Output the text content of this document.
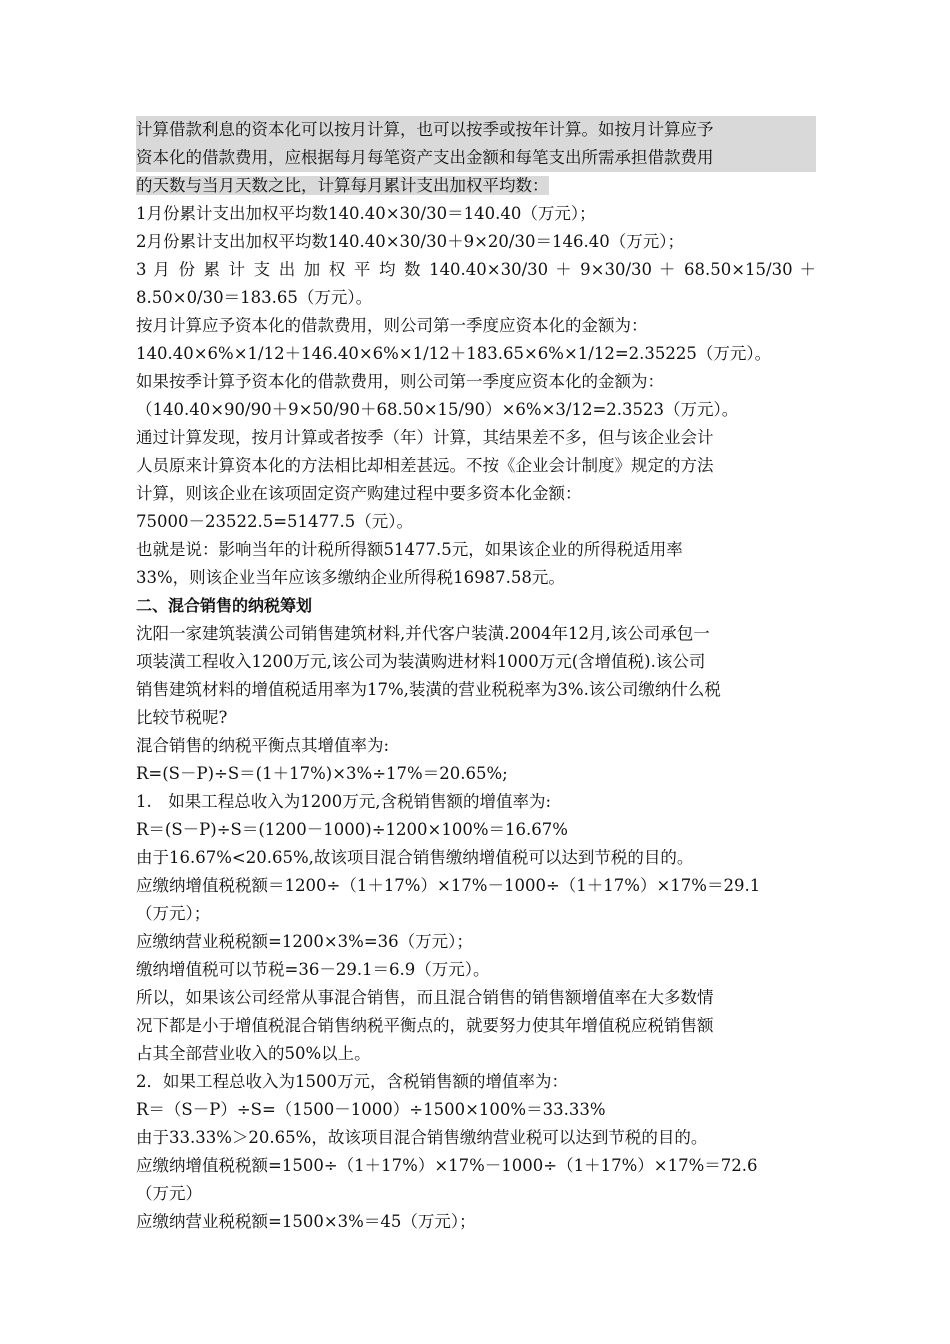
计算借款利息的资本化可以按月计算，也可以按季或按年计算。如按月计算应予
资本化的借款费用，应根据每月每笔资产支出金额和每笔支出所需承担借款费用
的天数与当月天数之比，计算每月累计支出加权平均数：
1月份累计支出加权平均数140.40×30/30＝140.40（万元）；
2月份累计支出加权平均数140.40×30/30＋9×20/30＝146.40（万元）；
3 月 份 累 计 支 出 加 权 平 均 数 140.40×30/30 ＋ 9×30/30 ＋ 68.50×15/30 ＋
8.50×0/30＝183.65（万元）。
按月计算应予资本化的借款费用，则公司第一季度应资本化的金额为：
140.40×6%×1/12＋146.40×6%×1/12＋183.65×6%×1/12=2.35225（万元）。
如果按季计算予资本化的借款费用，则公司第一季度应资本化的金额为：
（140.40×90/90＋9×50/90＋68.50×15/90）×6%×3/12=2.3523（万元）。
通过计算发现，按月计算或者按季（年）计算，其结果差不多，但与该企业会计
人员原来计算资本化的方法相比却相差甚远。不按《企业会计制度》规定的方法
计算，则该企业在该项固定资产购建过程中要多资本化金额：
75000－23522.5=51477.5（元）。
也就是说：影响当年的计税所得额51477.5元，如果该企业的所得税适用率
33%，则该企业当年应该多缴纳企业所得税16987.58元。
二、混合销售的纳税筹划
沈阳一家建筑装潢公司销售建筑材料,并代客户装潢.2004年12月,该公司承包一
项装潢工程收入1200万元,该公司为装潢购进材料1000万元(含增值税).该公司
销售建筑材料的增值税适用率为17%,装潢的营业税税率为3%.该公司缴纳什么税
比较节税呢?
混合销售的纳税平衡点其增值率为:
R=(S－P)÷S＝(1＋17%)×3%÷17%＝20.65%;
1.　如果工程总收入为1200万元,含税销售额的增值率为:
R＝(S－P)÷S＝(1200－1000)÷1200×100%＝16.67%
由于16.67%<20.65%,故该项目混合销售缴纳增值税可以达到节税的目的。
应缴纳增值税税额＝1200÷（1＋17%）×17%－1000÷（1＋17%）×17%＝29.1
（万元）；
应缴纳营业税税额=1200×3%=36（万元）；
缴纳增值税可以节税=36－29.1＝6.9（万元）。
所以，如果该公司经常从事混合销售，而且混合销售的销售额增值率在大多数情
况下都是小于增值税混合销售纳税平衡点的，就要努力使其年增值税应税销售额
占其全部营业收入的50%以上。
2．如果工程总收入为1500万元，含税销售额的增值率为：
R＝（S－P）÷S=（1500－1000）÷1500×100%＝33.33%
由于33.33%＞20.65%，故该项目混合销售缴纳营业税可以达到节税的目的。
应缴纳增值税税额=1500÷（1＋17%）×17%－1000÷（1＋17%）×17%＝72.6
（万元）
应缴纳营业税税额=1500×3%＝45（万元）；
